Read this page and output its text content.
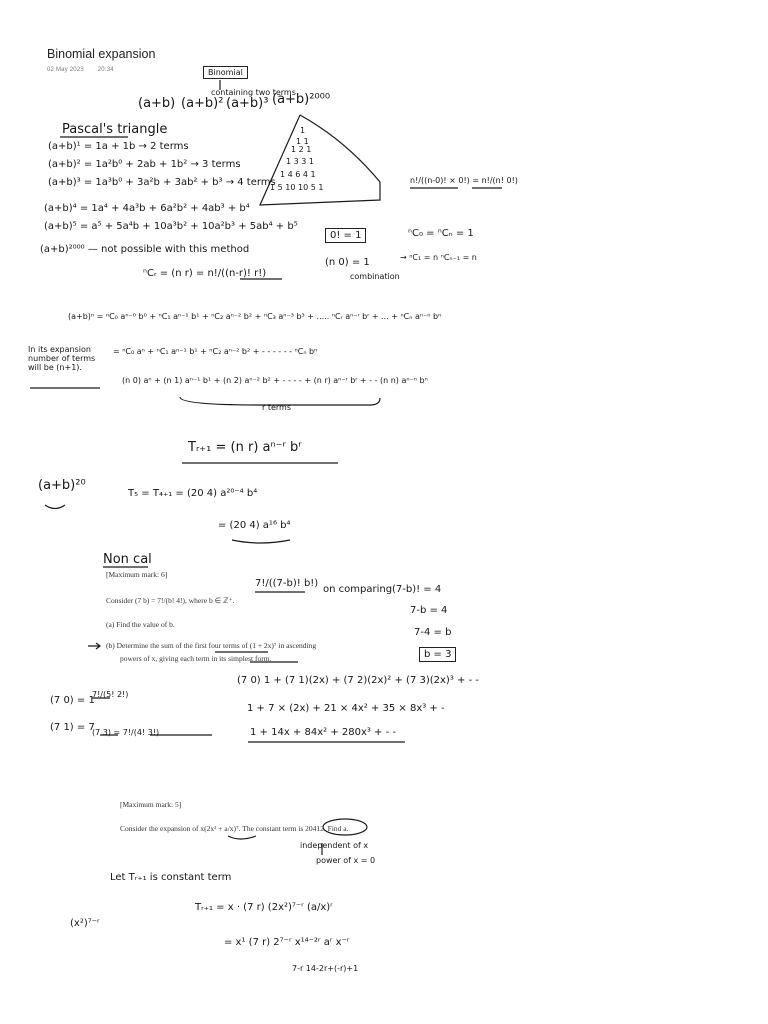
Binomial expansion
02 May 2023 20:34	Binomial
containing two terms
(a+b) (a+b)² (a+b)³ (a+b)²⁰⁰⁰
Pascal's triangle
(a+b)¹ = 1a + 1b → 2 terms
(a+b)² = 1a²b⁰ + 2ab + 1b² → 3 terms
(a+b)³ = 1a³b⁰ + 3a²b + 3ab² + b³ → 4 terms
(a+b)⁴ = 1a⁴ + 4a³b + 6a²b² + 4ab³ + b⁴
(a+b)⁵ = a⁵ + 5a⁴b + 10a³b² + 10a²b³ + 5ab⁴ + b⁵
(a+b)²⁰⁰⁰ — not possible with this method
1
1 1
1 2 1
1 3 3 1
1 4 6 4 1
1 5 10 10 5 1
n!/((n-0)! × 0!) = n!/(n! 0!)
0! = 1	ⁿC₀ = ⁿCₙ = 1
(n 0) = 1
combination
→ ⁿC₁ = n ⁿCₙ₋₁ = n
ⁿCᵣ = (n r) = n!/((n-r)! r!)
(a+b)ⁿ = ⁿC₀ aⁿ⁻⁰ b⁰ + ⁿC₁ aⁿ⁻¹ b¹ + ⁿC₂ aⁿ⁻² b² + ⁿC₃ aⁿ⁻³ b³ + ..... ⁿCᵣ aⁿ⁻ʳ bʳ + ... + ⁿCₙ aⁿ⁻ⁿ bⁿ
In its expansion number of terms will be (n+1).
= ⁿC₀ aⁿ + ⁿC₁ aⁿ⁻¹ b¹ + ⁿC₂ aⁿ⁻² b² + - - - - - - ⁿCₙ bⁿ
(n 0) aⁿ + (n 1) aⁿ⁻¹ b¹ + (n 2) aⁿ⁻² b² + - - - - + (n r) aⁿ⁻ʳ bʳ + - - (n n) aⁿ⁻ⁿ bⁿ
r terms
Tᵣ₊₁ = (n r) aⁿ⁻ʳ bʳ
(a+b)²⁰
T₅ = T₄₊₁ = (20 4) a²⁰⁻⁴ b⁴
= (20 4) a¹⁶ b⁴
Non cal
[Maximum mark: 6]
Consider (7 b) = 7!/(b! 4!), where b ∈ ℤ⁺.
(a) Find the value of b.
(b) Determine the sum of the first four terms of (1 + 2x)⁷ in ascending
powers of x, giving each term in its simplest form.
7!/((7-b)! b!)
on comparing (7-b)! = 4
7-b = 4
7-4 = b
b = 3
(7 0) = 1
7!/(5! 2!)
(7 1) = 7
(7 3) = 7!/(4! 3!)
(7 0) 1 + (7 1)(2x) + (7 2)(2x)² + (7 3)(2x)³ + - -
1 + 7 × (2x) + 21 × 4x² + 35 × 8x³ + -
1 + 14x + 84x² + 280x³ + - -
[Maximum mark: 5]
Consider the expansion of x(2x² + a/x)⁷. The constant term is 20412. Find a.
independent of x
power of x = 0
Let Tᵣ₊₁ is constant term
Tᵣ₊₁ = x · (7 r) (2x²)⁷⁻ʳ (a/x)ʳ
(x²)⁷⁻ʳ
= x¹ (7 r) 2⁷⁻ʳ x¹⁴⁻²ʳ aʳ x⁻ʳ
7-r 14-2r+(-r)+1
